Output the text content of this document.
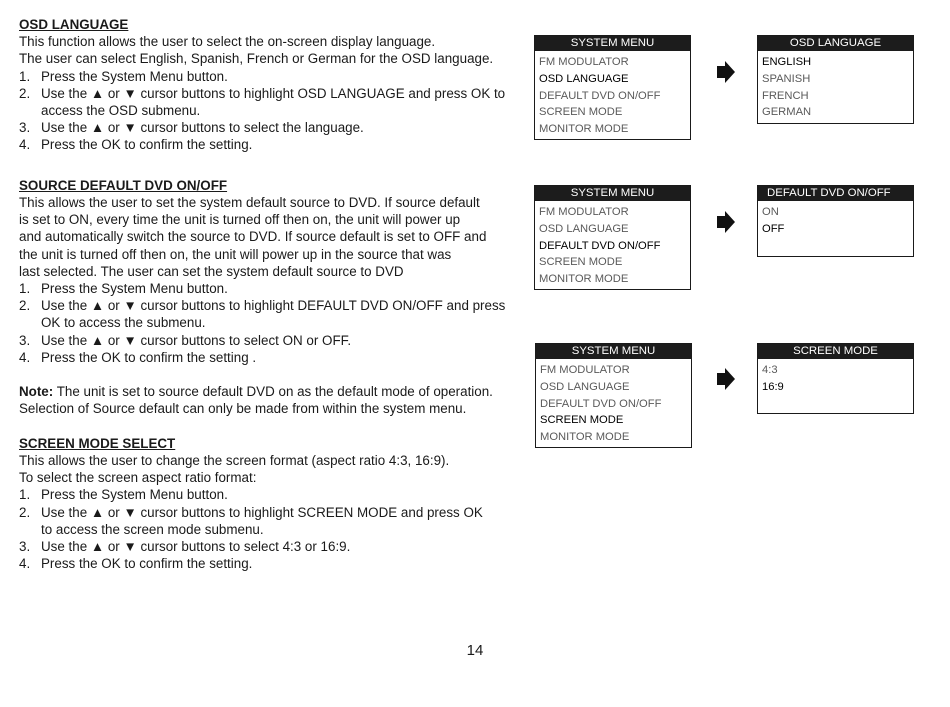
OSD LANGUAGE
This function allows the user to select the on-screen display language.
The user can select English, Spanish, French or German for the OSD language.
1. Press the System Menu button.
2. Use the ▲ or ▼ cursor buttons to highlight OSD LANGUAGE and press OK to
access the OSD submenu.
3. Use the ▲ or ▼ cursor buttons to select the language.
4. Press the OK to confirm the setting.
SOURCE DEFAULT DVD ON/OFF
This allows the user to set the system default source to DVD. If source default
is set to ON, every time the unit is turned off then on, the unit will power up
and automatically switch the source to DVD. If source default is set to OFF and
the unit is turned off then on, the unit will power up in the source that was
last selected. The user can set the system default source to DVD
1. Press the System Menu button.
2. Use the ▲ or ▼ cursor buttons to highlight DEFAULT DVD ON/OFF and press
OK to access the submenu.
3. Use the ▲ or ▼ cursor buttons to select ON or OFF.
4. Press the OK to confirm the setting .
Note: The unit is set to source default DVD on as the default mode of operation.
Selection of Source default can only be made from within the system menu.
SCREEN MODE SELECT
This allows the user to change the screen format (aspect ratio 4:3, 16:9).
To select the screen aspect ratio format:
1. Press the System Menu button.
2. Use the ▲ or ▼ cursor buttons to highlight SCREEN MODE and press OK
to access the screen mode submenu.
3. Use the ▲ or ▼ cursor buttons to select 4:3 or 16:9.
4. Press the OK to confirm the setting.
SYSTEM MENU
FM MODULATOR
OSD LANGUAGE
DEFAULT DVD ON/OFF
SCREEN MODE
MONITOR MODE
OSD LANGUAGE
ENGLISH
SPANISH
FRENCH
GERMAN
SYSTEM MENU
FM MODULATOR
OSD LANGUAGE
DEFAULT DVD ON/OFF
SCREEN MODE
MONITOR MODE
DEFAULT DVD ON/OFF
ON
OFF
SYSTEM MENU
FM MODULATOR
OSD LANGUAGE
DEFAULT DVD ON/OFF
SCREEN MODE
MONITOR MODE
SCREEN MODE
4:3
16:9
14
